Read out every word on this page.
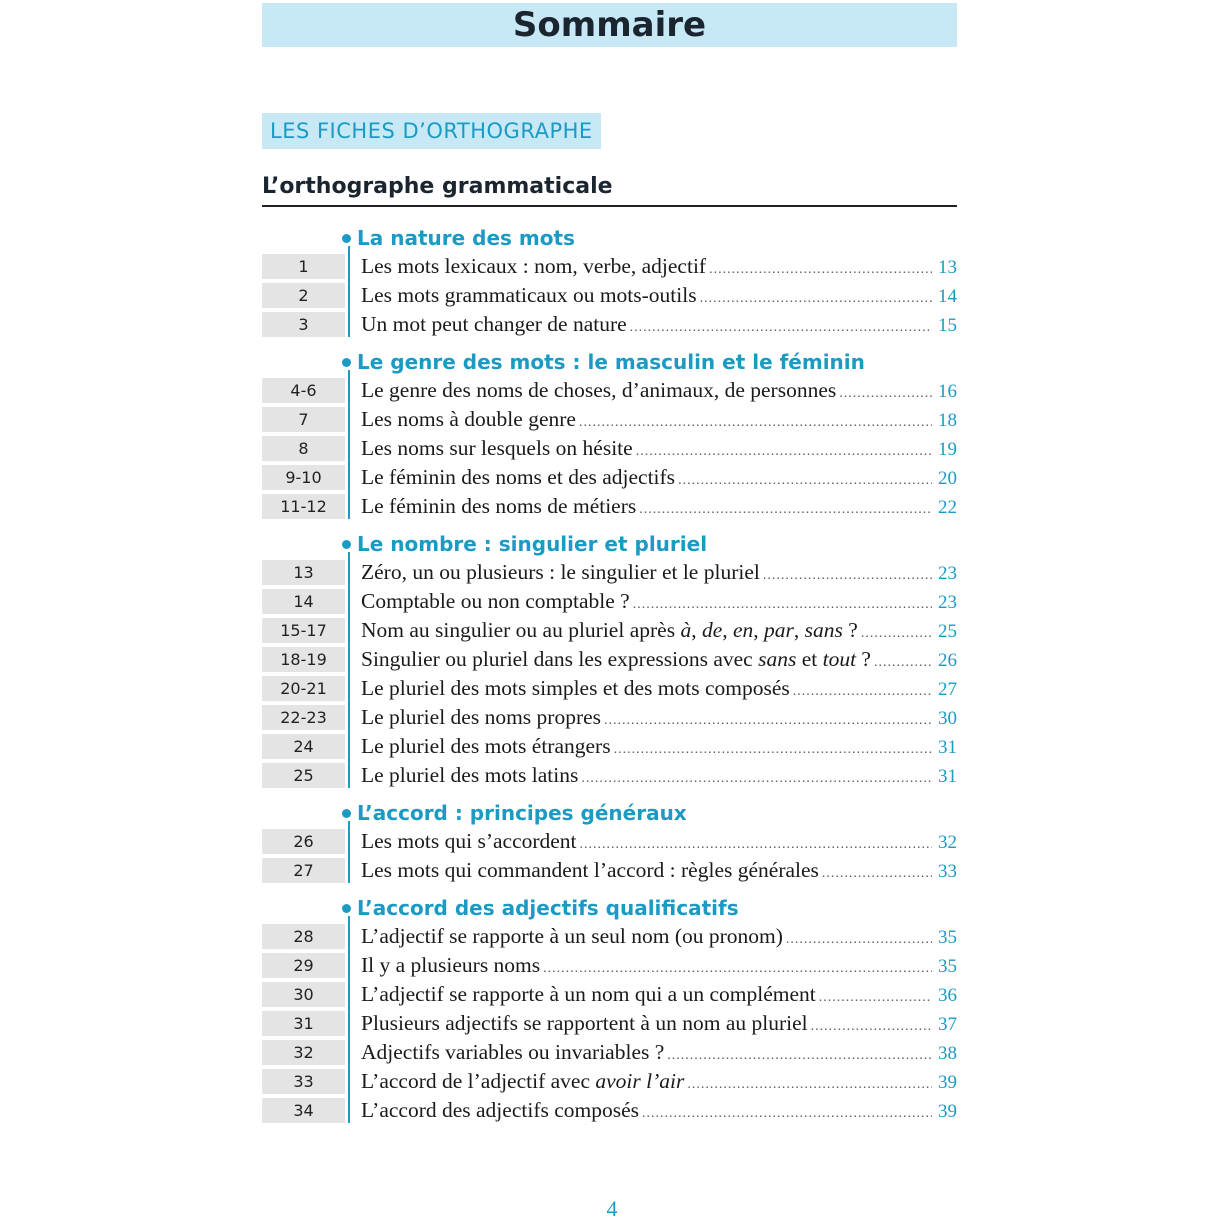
Sommaire
LES FICHES D’ORTHOGRAPHE
L’orthographe grammaticale
La nature des mots
1	Les mots lexicaux : nom, verbe, adjectif .....	13
2	Les mots grammaticaux ou mots-outils .....	14
3	Un mot peut changer de nature .....	15
Le genre des mots : le masculin et le féminin
4-6	Le genre des noms de choses, d’animaux, de personnes .....	16
7	Les noms à double genre .....	18
8	Les noms sur lesquels on hésite .....	19
9-10	Le féminin des noms et des adjectifs .....	20
11-12	Le féminin des noms de métiers .....	22
Le nombre : singulier et pluriel
13	Zéro, un ou plusieurs : le singulier et le pluriel .....	23
14	Comptable ou non comptable ? .....	23
15-17	Nom au singulier ou au pluriel après à, de, en, par, sans ? .....	25
18-19	Singulier ou pluriel dans les expressions avec sans et tout ? .....	26
20-21	Le pluriel des mots simples et des mots composés .....	27
22-23	Le pluriel des noms propres .....	30
24	Le pluriel des mots étrangers .....	31
25	Le pluriel des mots latins .....	31
L’accord : principes généraux
26	Les mots qui s’accordent .....	32
27	Les mots qui commandent l’accord : règles générales .....	33
L’accord des adjectifs qualificatifs
28	L’adjectif se rapporte à un seul nom (ou pronom) .....	35
29	Il y a plusieurs noms .....	35
30	L’adjectif se rapporte à un nom qui a un complément .....	36
31	Plusieurs adjectifs se rapportent à un nom au pluriel .....	37
32	Adjectifs variables ou invariables ? .....	38
33	L’accord de l’adjectif avec avoir l’air .....	39
34	L’accord des adjectifs composés .....	39
4
